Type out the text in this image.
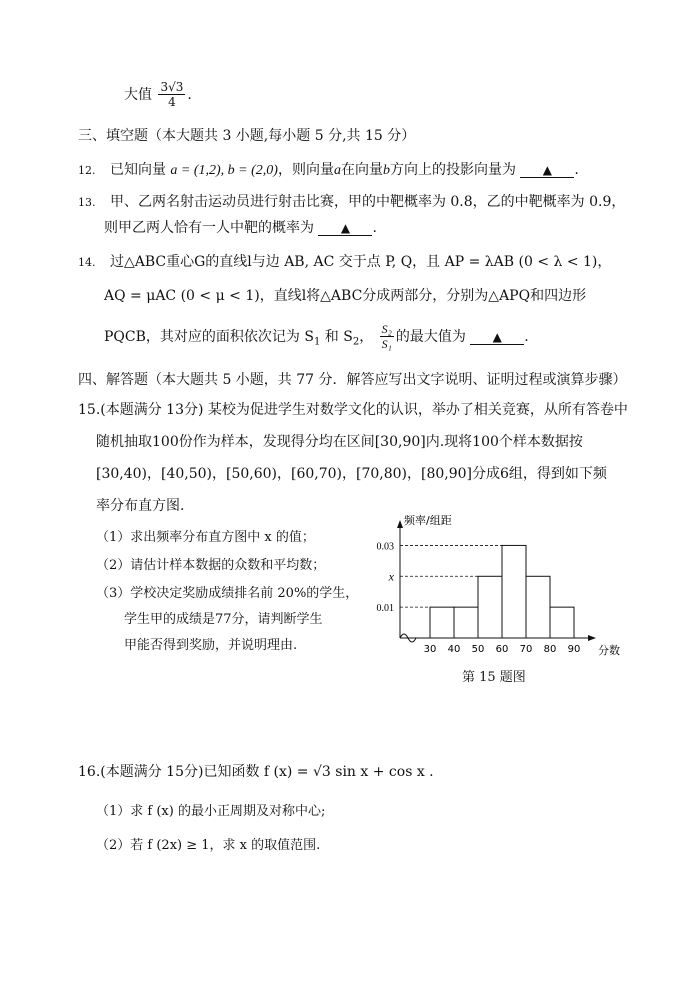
大值 $\frac{3√3}{4}$ .
三、填空题（本大题共 3 小题,每小题 5 分,共 15 分）
12. 已知向量 a = (1,2), b = (2,0)，则向量a在向量b方向上的投影向量为 ▲ .
13. 甲、乙两名射击运动员进行射击比赛，甲的中靶概率为 0.8，乙的中靶概率为 0.9，
则甲乙两人恰有一人中靶的概率为 ▲ .
14. 过△ABC重心G的直线l与边 AB, AC 交于点 P, Q，且 AP = λAB (0 < λ < 1)，
AQ = μAC (0 < μ < 1)，直线l将△ABC分成两部分，分别为△APQ和四边形
PQCB，其对应的面积依次记为 $S_1$ 和 $S_2$， $\frac{\text{S₂}}{\text{S₁}}$ 的最大值为 ▲ .
四、解答题（本大题共 5 小题，共 77 分．解答应写出文字说明、证明过程或演算步骤）
15.(本题满分 13分) 某校为促进学生对数学文化的认识，举办了相关竞赛，从所有答卷中
随机抽取100份作为样本，发现得分均在区间[30,90]内.现将100个样本数据按
[30,40)，[40,50)，[50,60)，[60,70)，[70,80)，[80,90]分成6组，得到如下频
率分布直方图.
（1）求出频率分布直方图中 x 的值；
（2）请估计样本数据的众数和平均数；
（3）学校决定奖励成绩排名前 20%的学生，
学生甲的成绩是77分，请判断学生
甲能否得到奖励，并说明理由.
频率/组距
分数
0.01
x
0.03
30 40 50 60 70 80 90
第 15 题图
16.(本题满分 15分)已知函数 f (x) = √3 sin x + cos x .
（1）求 f (x) 的最小正周期及对称中心;
（2）若 f (2x) ≥ 1，求 x 的取值范围.
